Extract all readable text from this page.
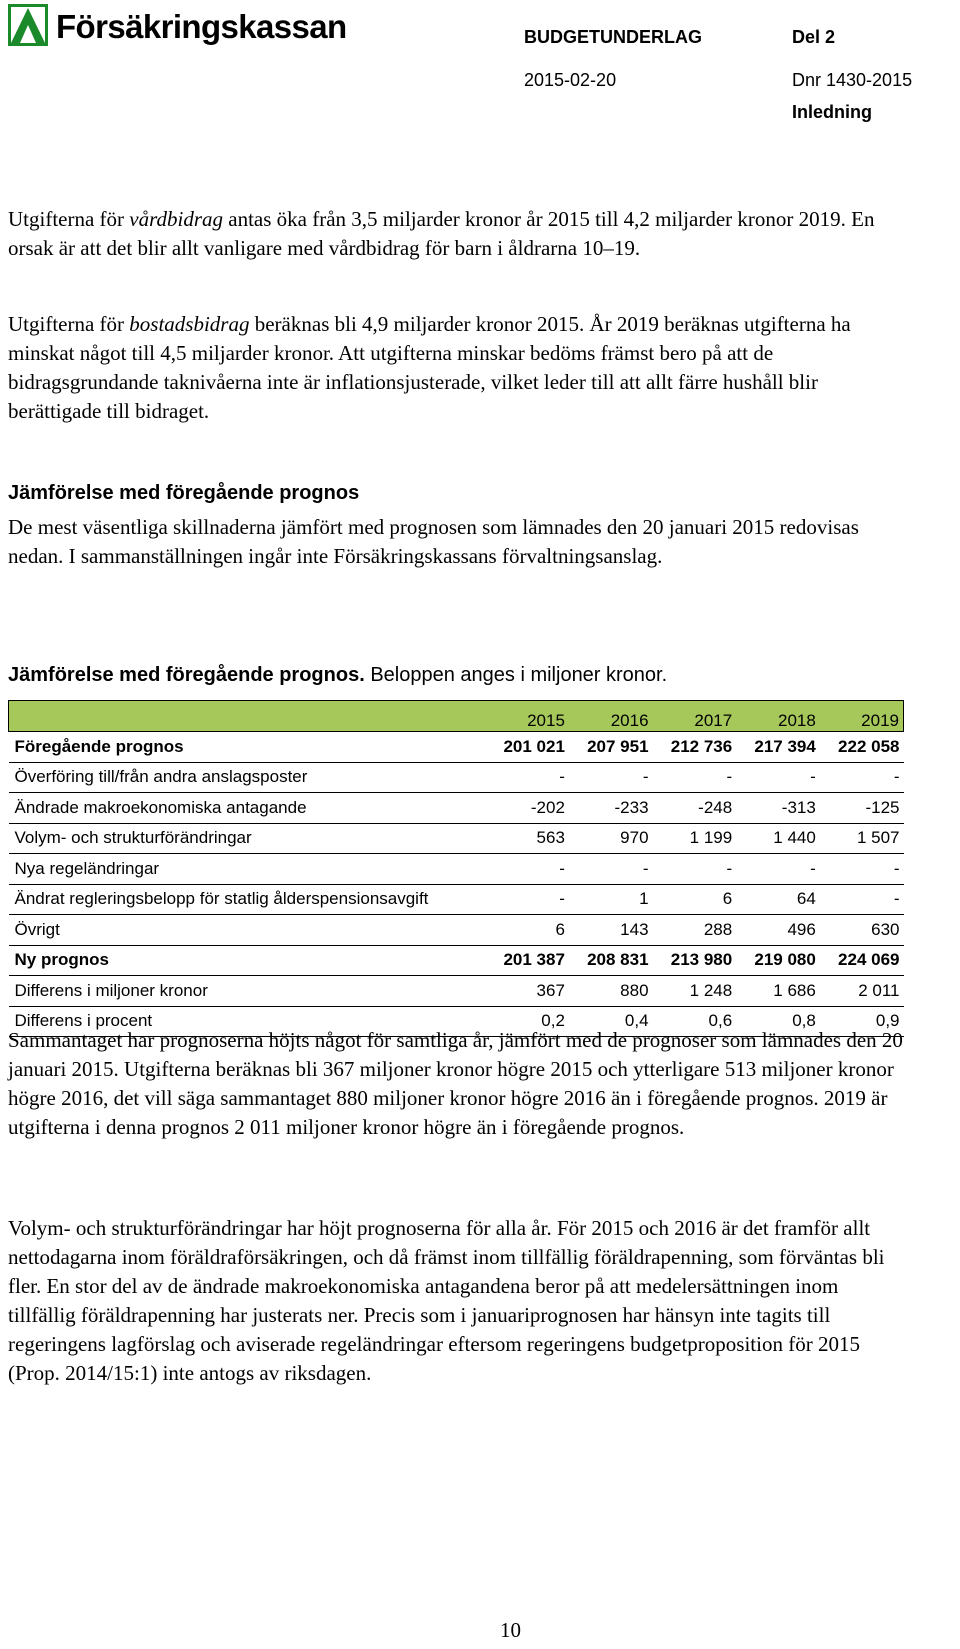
Försäkringskassan	BUDGETUNDERLAG	Del 2
2015-02-20	Dnr 1430-2015
Inledning

Utgifterna för vårdbidrag antas öka från 3,5 miljarder kronor år 2015 till 4,2 miljarder kronor 2019. En orsak är att det blir allt vanligare med vårdbidrag för barn i åldrarna 10–19.

Utgifterna för bostadsbidrag beräknas bli 4,9 miljarder kronor 2015. År 2019 beräknas utgifterna ha minskat något till 4,5 miljarder kronor. Att utgifterna minskar bedöms främst bero på att de bidragsgrundande taknivåerna inte är inflationsjusterade, vilket leder till att allt färre hushåll blir berättigade till bidraget.

Jämförelse med föregående prognos

De mest väsentliga skillnaderna jämfört med prognosen som lämnades den 20 januari 2015 redovisas nedan. I sammanställningen ingår inte Försäkringskassans förvaltningsanslag.

Jämförelse med föregående prognos. Beloppen anges i miljoner kronor.

	2015	2016	2017	2018	2019
Föregående prognos	201 021	207 951	212 736	217 394	222 058
Överföring till/från andra anslagsposter	-	-	-	-	-
Ändrade makroekonomiska antagande	-202	-233	-248	-313	-125
Volym- och strukturförändringar	563	970	1 199	1 440	1 507
Nya regeländringar	-	-	-	-	-
Ändrat regleringsbelopp för statlig ålderspensionsavgift	-	1	6	64	-
Övrigt	6	143	288	496	630
Ny prognos	201 387	208 831	213 980	219 080	224 069
Differens i miljoner kronor	367	880	1 248	1 686	2 011
Differens i procent	0,2	0,4	0,6	0,8	0,9

Sammantaget har prognoserna höjts något för samtliga år, jämfört med de prognoser som lämnades den 20 januari 2015. Utgifterna beräknas bli 367 miljoner kronor högre 2015 och ytterligare 513 miljoner kronor högre 2016, det vill säga sammantaget 880 miljoner kronor högre 2016 än i föregående prognos. 2019 är utgifterna i denna prognos 2 011 miljoner kronor högre än i föregående prognos.

Volym- och strukturförändringar har höjt prognoserna för alla år. För 2015 och 2016 är det framför allt nettodagarna inom föräldraförsäkringen, och då främst inom tillfällig föräldrapenning, som förväntas bli fler. En stor del av de ändrade makroekonomiska antagandena beror på att medelersättningen inom tillfällig föräldrapenning har justerats ner. Precis som i januariprognosen har hänsyn inte tagits till regeringens lagförslag och aviserade regeländringar eftersom regeringens budgetproposition för 2015 (Prop. 2014/15:1) inte antogs av riksdagen.

10
